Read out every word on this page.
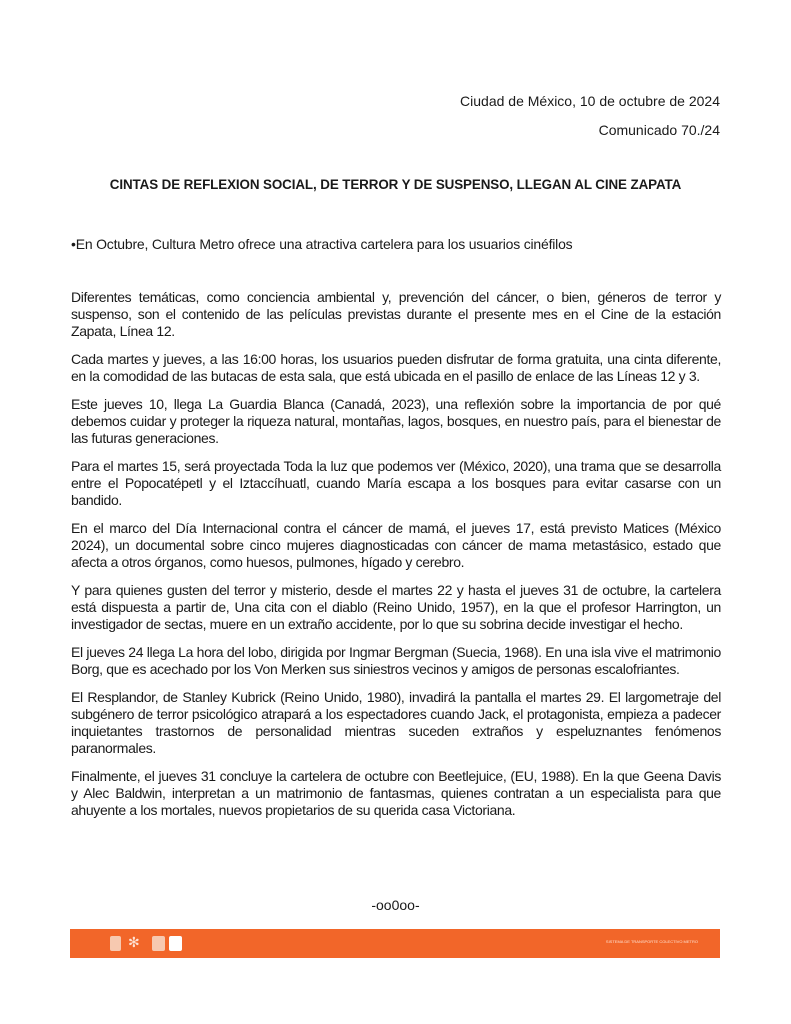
Ciudad de México, 10 de octubre de 2024
Comunicado 70./24
CINTAS DE REFLEXION SOCIAL, DE TERROR Y DE SUSPENSO, LLEGAN AL CINE ZAPATA
•En Octubre, Cultura Metro ofrece una atractiva cartelera para los usuarios cinéfilos

Diferentes temáticas, como conciencia ambiental y, prevención del cáncer, o bien, géneros de terror y suspenso, son el contenido de las películas previstas durante el presente mes en el Cine de la estación Zapata, Línea 12.

Cada martes y jueves, a las 16:00 horas, los usuarios pueden disfrutar de forma gratuita, una cinta diferente, en la comodidad de las butacas de esta sala, que está ubicada en el pasillo de enlace de las Líneas 12 y 3.

Este jueves 10, llega La Guardia Blanca (Canadá, 2023), una reflexión sobre la importancia de por qué debemos cuidar y proteger la riqueza natural, montañas, lagos, bosques, en nuestro país, para el bienestar de las futuras generaciones.

Para el martes 15, será proyectada Toda la luz que podemos ver (México, 2020), una trama que se desarrolla entre el Popocatépetl y el Iztaccíhuatl, cuando María escapa a los bosques para evitar casarse con un bandido.

En el marco del Día Internacional contra el cáncer de mamá, el jueves 17, está previsto Matices (México 2024), un documental sobre cinco mujeres diagnosticadas con cáncer de mama metastásico, estado que afecta a otros órganos, como huesos, pulmones, hígado y cerebro.

Y para quienes gusten del terror y misterio, desde el martes 22 y hasta el jueves 31 de octubre, la cartelera está dispuesta a partir de, Una cita con el diablo (Reino Unido, 1957), en la que el profesor Harrington, un investigador de sectas, muere en un extraño accidente, por lo que su sobrina decide investigar el hecho.

El jueves 24 llega La hora del lobo, dirigida por Ingmar Bergman (Suecia, 1968). En una isla vive el matrimonio Borg, que es acechado por los Von Merken sus siniestros vecinos y amigos de personas escalofriantes.

El Resplandor, de Stanley Kubrick (Reino Unido, 1980), invadirá la pantalla el martes 29. El largometraje del subgénero de terror psicológico atrapará a los espectadores cuando Jack, el protagonista, empieza a padecer inquietantes trastornos de personalidad mientras suceden extraños y espeluznantes fenómenos paranormales.

Finalmente, el jueves 31 concluye la cartelera de octubre con Beetlejuice, (EU, 1988). En la que Geena Davis y Alec Baldwin, interpretan a un matrimonio de fantasmas, quienes contratan a un especialista para que ahuyente a los mortales, nuevos propietarios de su querida casa Victoriana.

-oo0oo-
✻	SISTEMA DE TRANSPORTE COLECTIVO METRO
